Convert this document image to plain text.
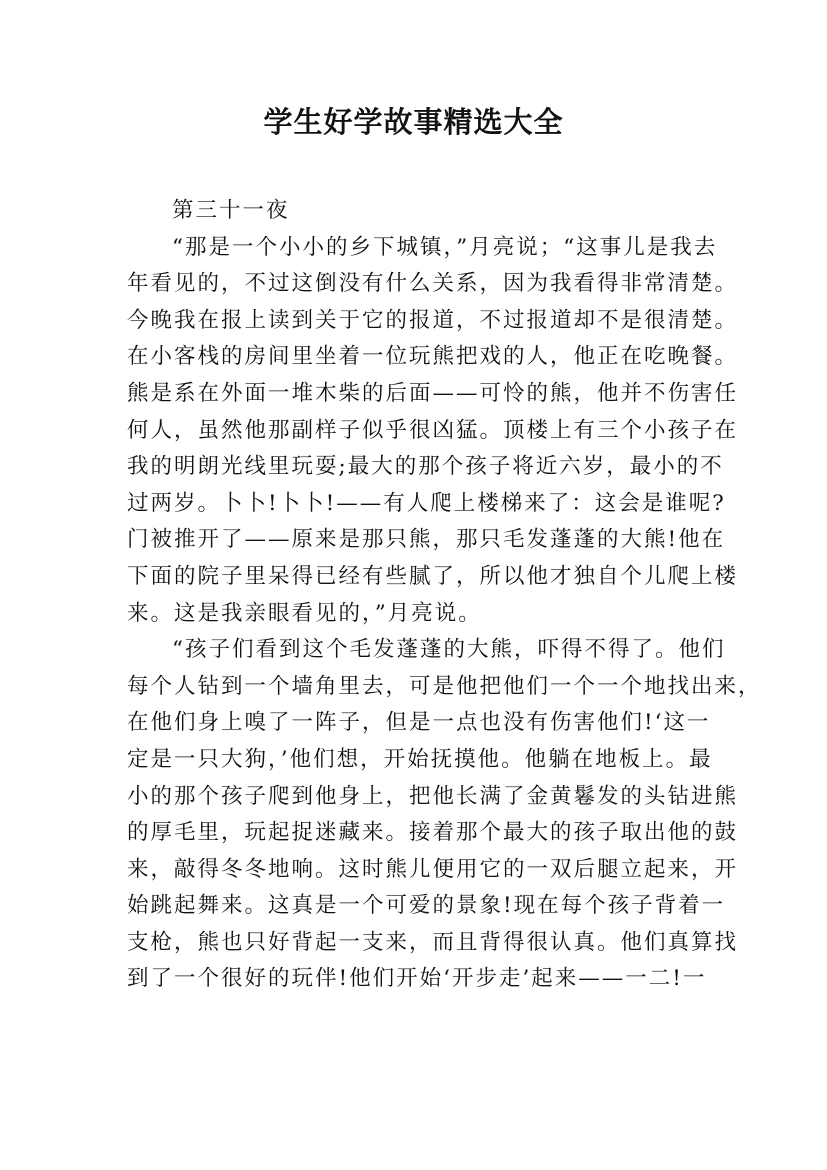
学生好学故事精选大全
第三十一夜
“那是一个小小的乡下城镇，”月亮说；“这事儿是我去
年看见的，不过这倒没有什么关系，因为我看得非常清楚。
今晚我在报上读到关于它的报道，不过报道却不是很清楚。
在小客栈的房间里坐着一位玩熊把戏的人，他正在吃晚餐。
熊是系在外面一堆木柴的后面——可怜的熊，他并不伤害任
何人，虽然他那副样子似乎很凶猛。顶楼上有三个小孩子在
我的明朗光线里玩耍;最大的那个孩子将近六岁，最小的不
过两岁。卜卜!卜卜!——有人爬上楼梯来了：这会是谁呢?
门被推开了——原来是那只熊，那只毛发蓬蓬的大熊!他在
下面的院子里呆得已经有些腻了，所以他才独自个儿爬上楼
来。这是我亲眼看见的，”月亮说。
“孩子们看到这个毛发蓬蓬的大熊，吓得不得了。他们
每个人钻到一个墙角里去，可是他把他们一个一个地找出来，
在他们身上嗅了一阵子，但是一点也没有伤害他们!‘这一
定是一只大狗，’他们想，开始抚摸他。他躺在地板上。最
小的那个孩子爬到他身上，把他长满了金黄鬈发的头钻进熊
的厚毛里，玩起捉迷藏来。接着那个最大的孩子取出他的鼓
来，敲得冬冬地响。这时熊儿便用它的一双后腿立起来，开
始跳起舞来。这真是一个可爱的景象!现在每个孩子背着一
支枪，熊也只好背起一支来，而且背得很认真。他们真算找
到了一个很好的玩伴!他们开始‘开步走’起来——一二!一
